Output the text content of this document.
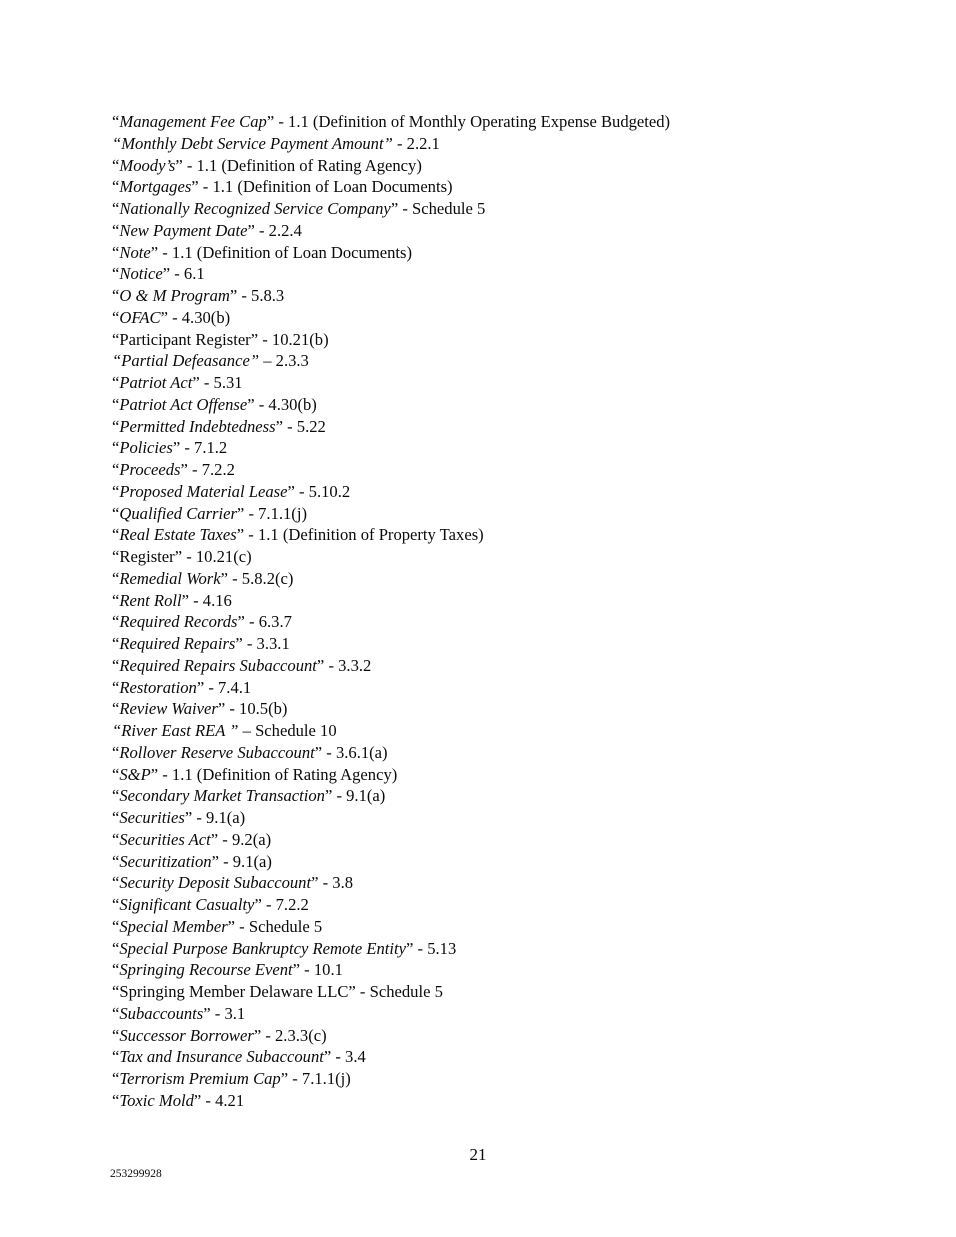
“Management Fee Cap” - 1.1 (Definition of Monthly Operating Expense Budgeted)
“Monthly Debt Service Payment Amount” - 2.2.1
“Moody’s” - 1.1 (Definition of Rating Agency)
“Mortgages” - 1.1 (Definition of Loan Documents)
“Nationally Recognized Service Company” - Schedule 5
“New Payment Date” - 2.2.4
“Note” - 1.1 (Definition of Loan Documents)
“Notice” - 6.1
“O & M Program” - 5.8.3
“OFAC” - 4.30(b)
“Participant Register” - 10.21(b)
“Partial Defeasance” – 2.3.3
“Patriot Act” - 5.31
“Patriot Act Offense” - 4.30(b)
“Permitted Indebtedness” - 5.22
“Policies” - 7.1.2
“Proceeds” - 7.2.2
“Proposed Material Lease” - 5.10.2
“Qualified Carrier” - 7.1.1(j)
“Real Estate Taxes” - 1.1 (Definition of Property Taxes)
“Register” - 10.21(c)
“Remedial Work” - 5.8.2(c)
“Rent Roll” - 4.16
“Required Records” - 6.3.7
“Required Repairs” - 3.3.1
“Required Repairs Subaccount” - 3.3.2
“Restoration” - 7.4.1
“Review Waiver” - 10.5(b)
“River East REA ” – Schedule 10
“Rollover Reserve Subaccount” - 3.6.1(a)
“S&P” - 1.1 (Definition of Rating Agency)
“Secondary Market Transaction” - 9.1(a)
“Securities” - 9.1(a)
“Securities Act” - 9.2(a)
“Securitization” - 9.1(a)
“Security Deposit Subaccount” - 3.8
“Significant Casualty” - 7.2.2
“Special Member” - Schedule 5
“Special Purpose Bankruptcy Remote Entity” - 5.13
“Springing Recourse Event” - 10.1
“Springing Member Delaware LLC” - Schedule 5
“Subaccounts” - 3.1
“Successor Borrower” - 2.3.3(c)
“Tax and Insurance Subaccount” - 3.4
“Terrorism Premium Cap” - 7.1.1(j)
“Toxic Mold” - 4.21
21
253299928
